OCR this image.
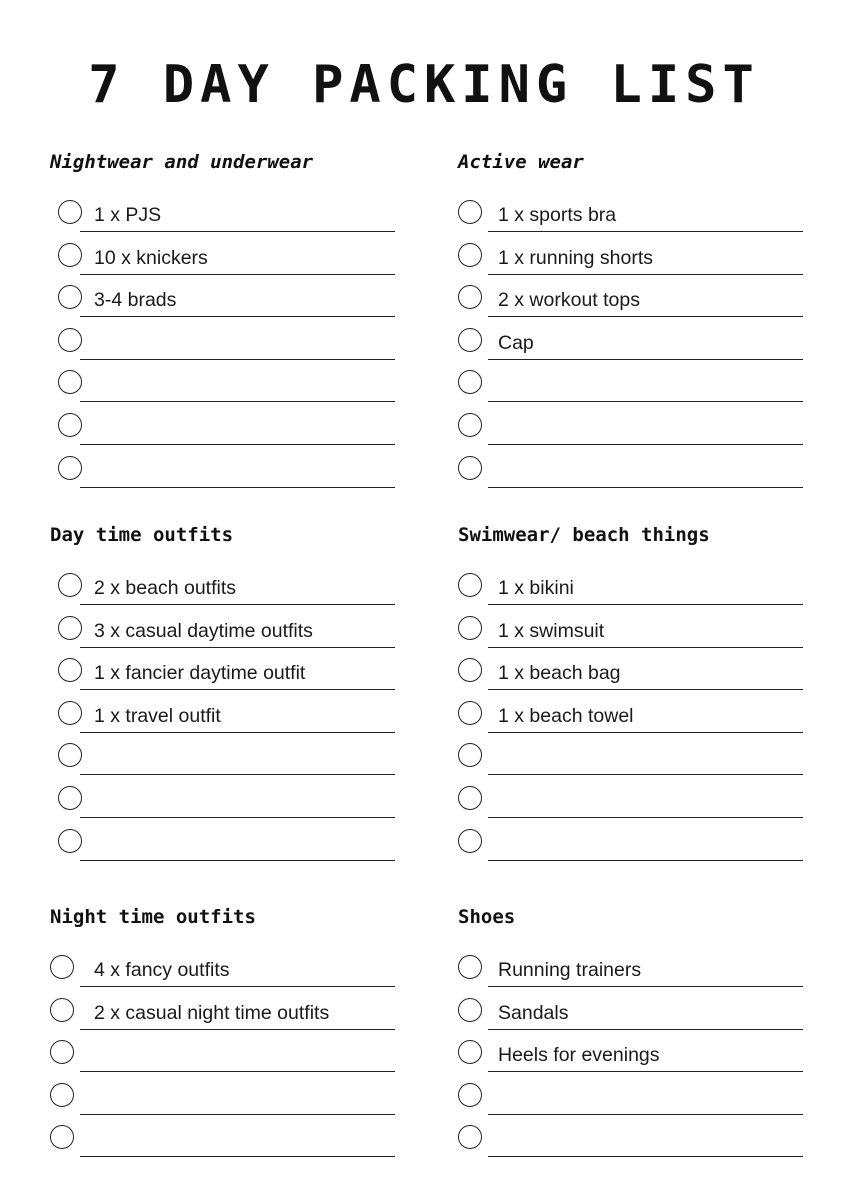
7 DAY PACKING LIST
Nightwear and underwear
1 x PJS
10 x knickers
3-4 brads
Active wear
1 x sports bra
1 x running shorts
2 x workout tops
Cap
Day time outfits
2 x beach outfits
3 x casual daytime outfits
1 x fancier daytime outfit
1 x travel outfit
Swimwear/ beach things
1 x bikini
1 x swimsuit
1 x beach bag
1 x beach towel
Night time outfits
4 x fancy outfits
2 x casual night time outfits
Shoes
Running trainers
Sandals
Heels for evenings
